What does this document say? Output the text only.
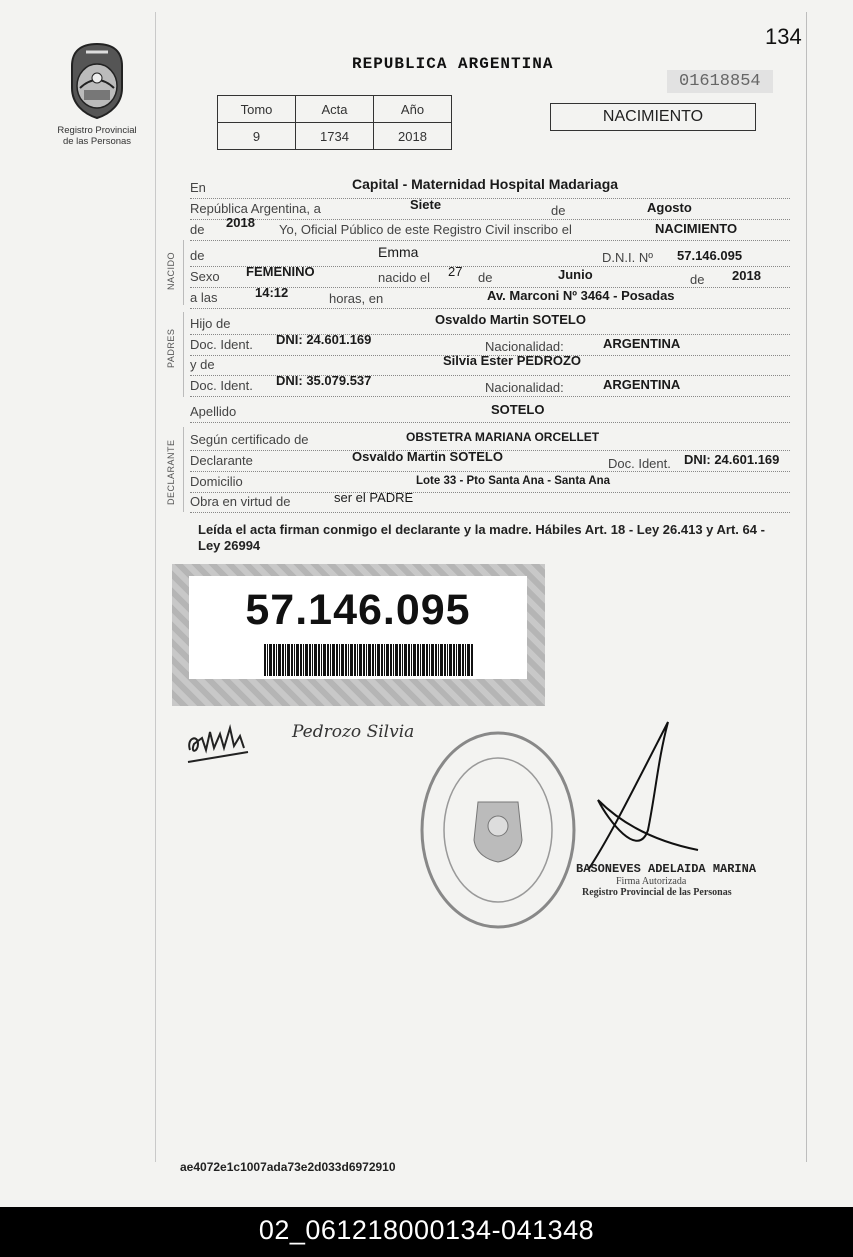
Registro Provincial de las Personas
REPUBLICA ARGENTINA
134
01618854
Tomo	Acta	Año
9	1734	2018
NACIMIENTO
NACIDO
PADRES
DECLARANTE
En	Capital - Maternidad Hospital Madariaga
República Argentina, a	Siete	de	Agosto
de 2018 Yo, Oficial Público de este Registro Civil inscribo el	NACIMIENTO
de	Emma	D.N.I. Nº 57.146.095
Sexo FEMENINO	nacido el 27 de	Junio	de 2018
a las	14:12	horas, en	Av. Marconi Nº 3464 - Posadas
Hijo de	Osvaldo Martin SOTELO
Doc. Ident. DNI: 24.601.169	Nacionalidad:	ARGENTINA
y de	Silvia Ester PEDROZO
Doc. Ident. DNI: 35.079.537	Nacionalidad:	ARGENTINA
Apellido	SOTELO
Según certificado de	OBSTETRA MARIANA ORCELLET
Declarante	Osvaldo Martin SOTELO	Doc. Ident. DNI: 24.601.169
Domicilio	Lote 33 - Pto Santa Ana - Santa Ana
Obra en virtud de	ser el PADRE
Leída el acta firman conmigo el declarante y la madre. Hábiles Art. 18 - Ley 26.413 y Art. 64 - Ley 26994
57.146.095
Pedrozo Silvia
BASONEVES ADELAIDA MARINA
Firma Autorizada
Registro Provincial de las Personas
ae4072e1c1007ada73e2d033d6972910
02_061218000134-041348
